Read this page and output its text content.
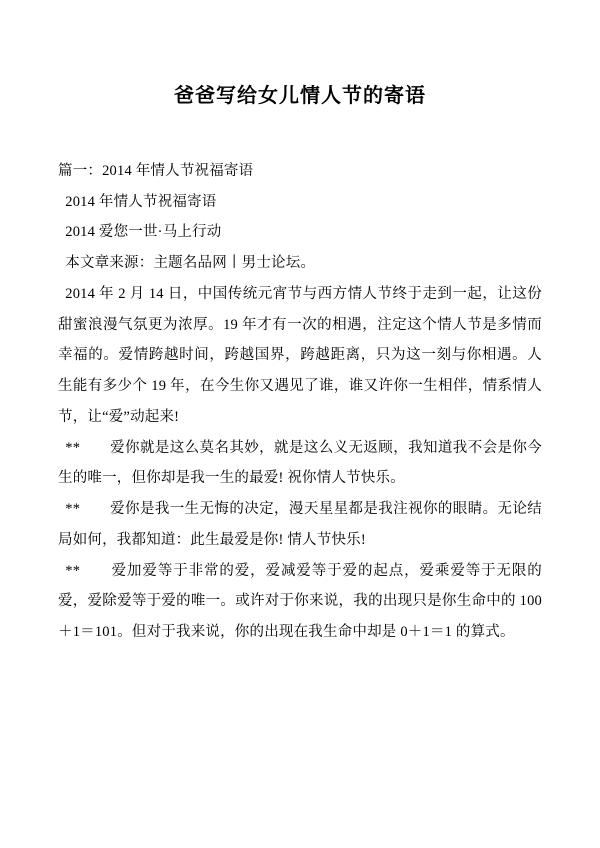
爸爸写给女儿情人节的寄语

篇一：2014 年情人节祝福寄语

2014 年情人节祝福寄语

2014 爱您一世·马上行动

本文章来源：主题名品网丨男士论坛。

2014 年 2 月 14 日，中国传统元宵节与西方情人节终于走到一起，让这份甜蜜浪漫气氛更为浓厚。19 年才有一次的相遇，注定这个情人节是多情而幸福的。爱情跨越时间，跨越国界，跨越距离，只为这一刻与你相遇。人生能有多少个 19 年，在今生你又遇见了谁，谁又许你一生相伴，情系情人节，让“爱”动起来!

**　　爱你就是这么莫名其妙，就是这么义无返顾，我知道我不会是你今生的唯一，但你却是我一生的最爱! 祝你情人节快乐。

**　　爱你是我一生无悔的决定，漫天星星都是我注视你的眼睛。无论结局如何，我都知道：此生最爱是你! 情人节快乐!

**　　爱加爱等于非常的爱，爱减爱等于爱的起点，爱乘爱等于无限的爱，爱除爱等于爱的唯一。或许对于你来说，我的出现只是你生命中的 100＋1＝101。但对于我来说，你的出现在我生命中却是 0＋1＝1 的算式。
